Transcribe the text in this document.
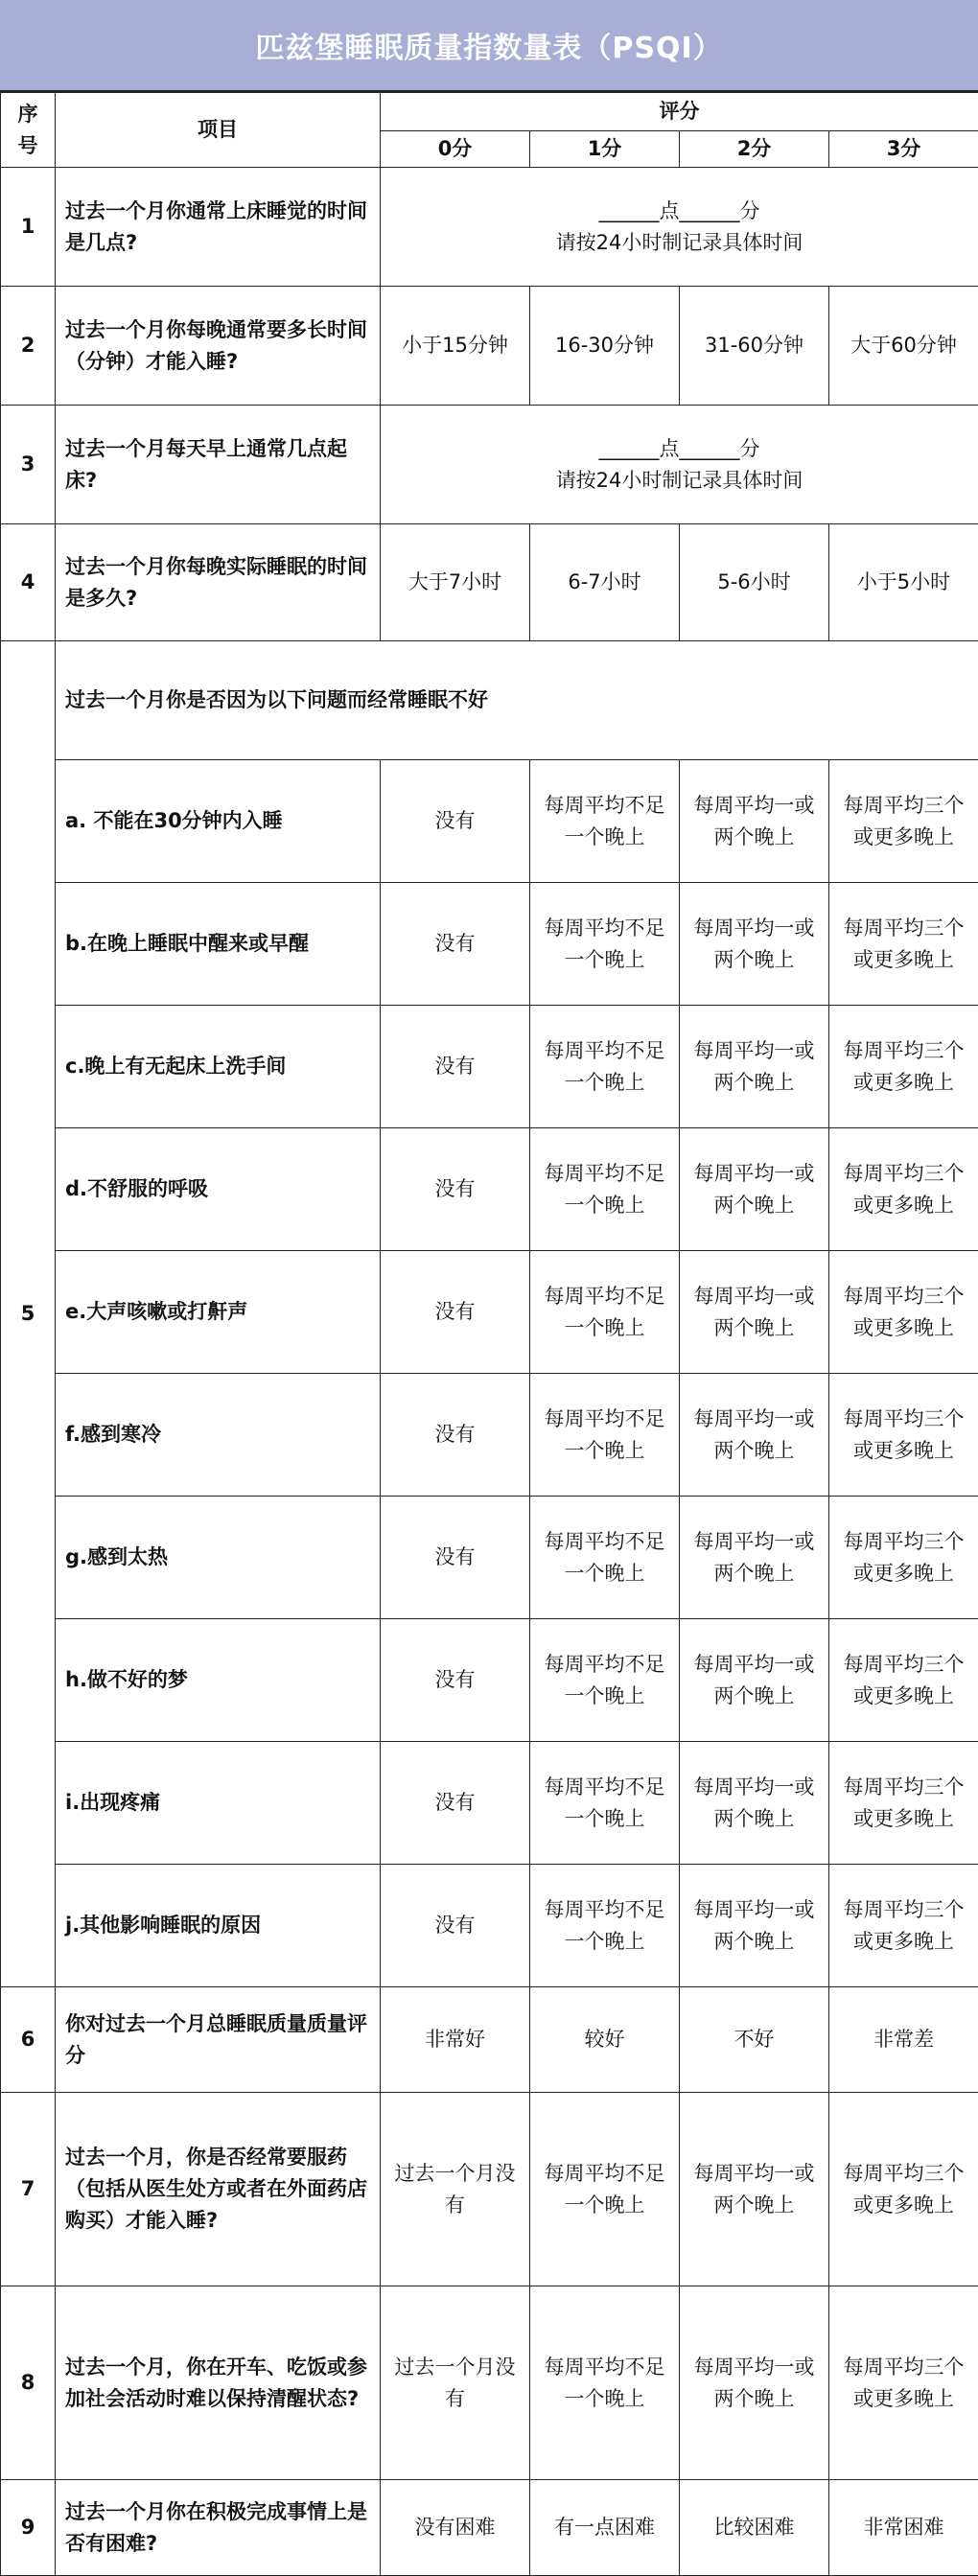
匹兹堡睡眠质量指数量表（PSQI）
序号	项目	评分			
		0分	1分	2分	3分
1	过去一个月你通常上床睡觉的时间是几点?	______点______分
请按24小时制记录具体时间			

2	过去一个月你每晚通常要多长时间（分钟）才能入睡?	小于15分钟	16-30分钟	31-60分钟	大于60分钟
3	过去一个月每天早上通常几点起床?	______点______分
请按24小时制记录具体时间			

4	过去一个月你每晚实际睡眠的时间是多久?	大于7小时	6-7小时	5-6小时	小于5小时
5	过去一个月你是否因为以下问题而经常睡眠不好				
	a. 不能在30分钟内入睡	没有	每周平均不足一个晚上	每周平均一或两个晚上	每周平均三个或更多晚上
	b.在晚上睡眠中醒来或早醒	没有	每周平均不足一个晚上	每周平均一或两个晚上	每周平均三个或更多晚上
	c.晚上有无起床上洗手间	没有	每周平均不足一个晚上	每周平均一或两个晚上	每周平均三个或更多晚上
	d.不舒服的呼吸	没有	每周平均不足一个晚上	每周平均一或两个晚上	每周平均三个或更多晚上
	e.大声咳嗽或打鼾声	没有	每周平均不足一个晚上	每周平均一或两个晚上	每周平均三个或更多晚上
	f.感到寒冷	没有	每周平均不足一个晚上	每周平均一或两个晚上	每周平均三个或更多晚上
	g.感到太热	没有	每周平均不足一个晚上	每周平均一或两个晚上	每周平均三个或更多晚上
	h.做不好的梦	没有	每周平均不足一个晚上	每周平均一或两个晚上	每周平均三个或更多晚上
	i.出现疼痛	没有	每周平均不足一个晚上	每周平均一或两个晚上	每周平均三个或更多晚上
	j.其他影响睡眠的原因	没有	每周平均不足一个晚上	每周平均一或两个晚上	每周平均三个或更多晚上
6	你对过去一个月总睡眠质量质量评分	非常好	较好	不好	非常差
7	过去一个月，你是否经常要服药（包括从医生处方或者在外面药店购买）才能入睡?	过去一个月没有	每周平均不足一个晚上	每周平均一或两个晚上	每周平均三个或更多晚上
8	过去一个月，你在开车、吃饭或参加社会活动时难以保持清醒状态?	过去一个月没有	每周平均不足一个晚上	每周平均一或两个晚上	每周平均三个或更多晚上
9	过去一个月你在积极完成事情上是否有困难?	没有困难	有一点困难	比较困难	非常困难
